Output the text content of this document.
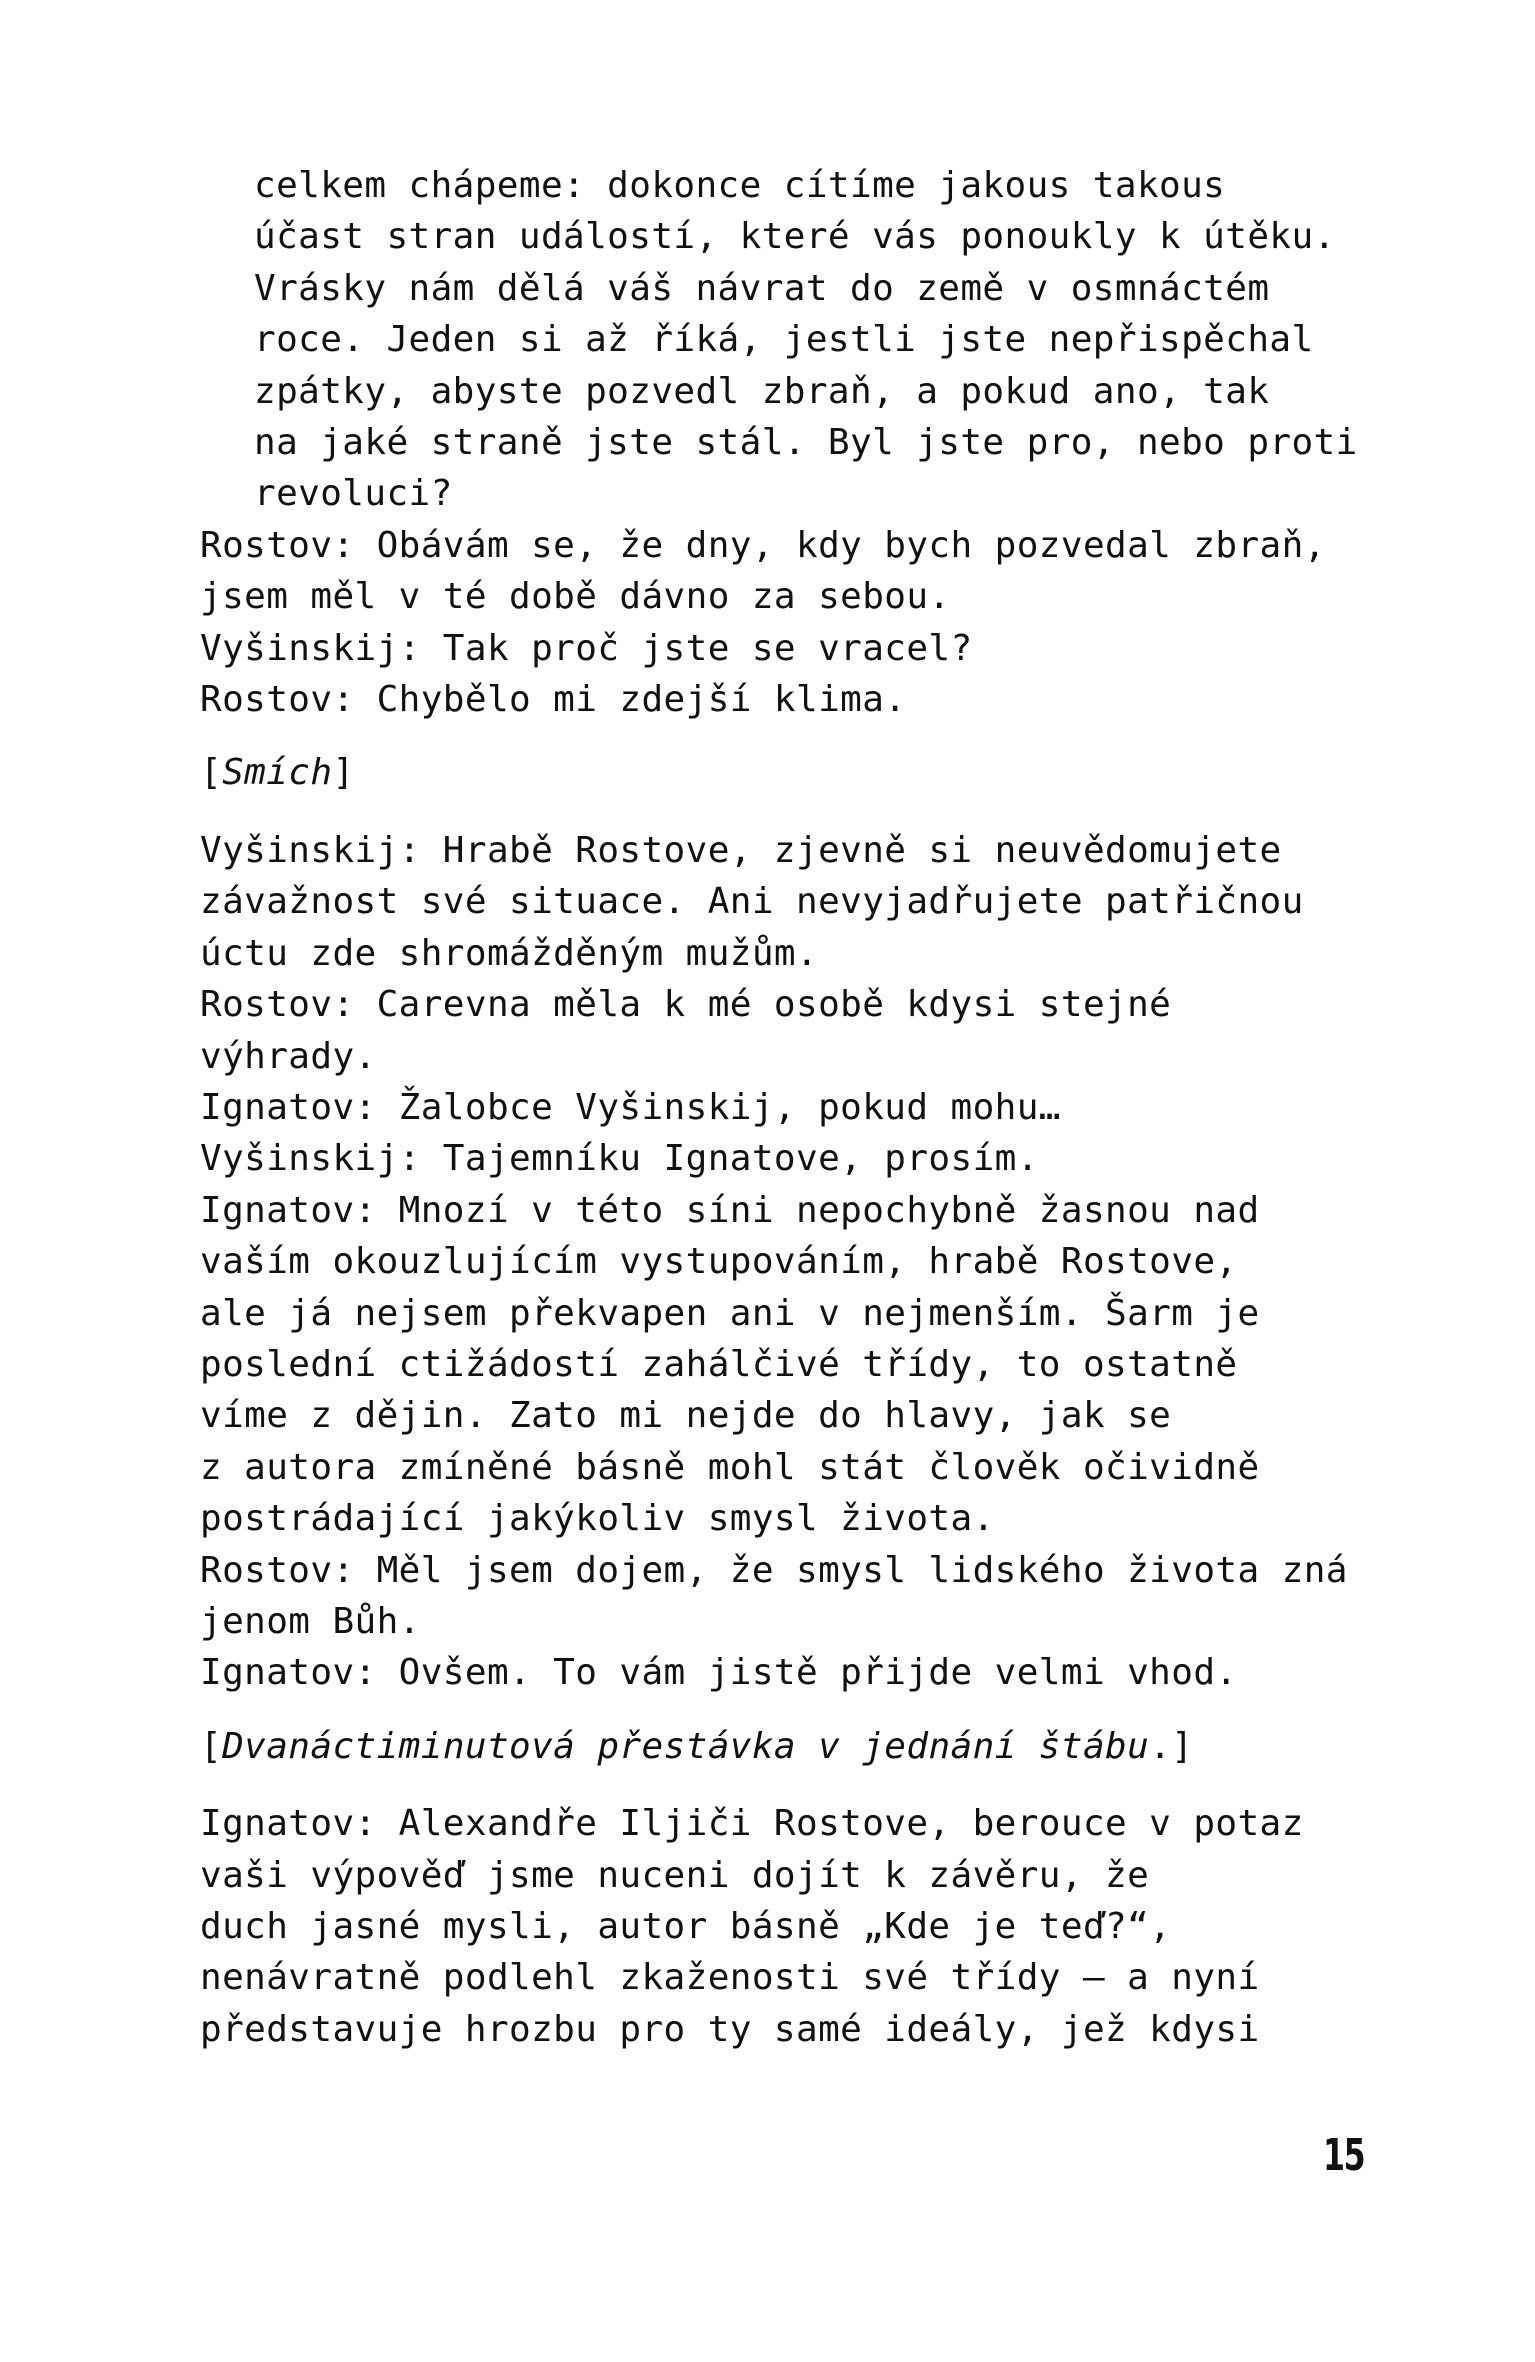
celkem chápeme: dokonce cítíme jakous takous
účast stran událostí, které vás ponoukly k útěku.
Vrásky nám dělá váš návrat do země v osmnáctém
roce. Jeden si až říká, jestli jste nepřispěchal
zpátky, abyste pozvedl zbraň, a pokud ano, tak
na jaké straně jste stál. Byl jste pro, nebo proti
revoluci?
Rostov: Obávám se, že dny, kdy bych pozvedal zbraň,
jsem měl v té době dávno za sebou.
Vyšinskij: Tak proč jste se vracel?
Rostov: Chybělo mi zdejší klima.
[Smích]
Vyšinskij: Hrabě Rostove, zjevně si neuvědomujete
závažnost své situace. Ani nevyjadřujete patřičnou
úctu zde shromážděným mužům.
Rostov: Carevna měla k mé osobě kdysi stejné
výhrady.
Ignatov: Žalobce Vyšinskij, pokud mohu…
Vyšinskij: Tajemníku Ignatove, prosím.
Ignatov: Mnozí v této síni nepochybně žasnou nad
vaším okouzlujícím vystupováním, hrabě Rostove,
ale já nejsem překvapen ani v nejmenším. Šarm je
poslední ctižádostí zahálčivé třídy, to ostatně
víme z dějin. Zato mi nejde do hlavy, jak se
z autora zmíněné básně mohl stát člověk očividně
postrádající jakýkoliv smysl života.
Rostov: Měl jsem dojem, že smysl lidského života zná
jenom Bůh.
Ignatov: Ovšem. To vám jistě přijde velmi vhod.
[Dvanáctiminutová přestávka v jednání štábu.]
Ignatov: Alexandře Iljiči Rostove, berouce v potaz
vaši výpověď jsme nuceni dojít k závěru, že
duch jasné mysli, autor básně „Kde je teď?“,
nenávratně podlehl zkaženosti své třídy – a nyní
představuje hrozbu pro ty samé ideály, jež kdysi
15
